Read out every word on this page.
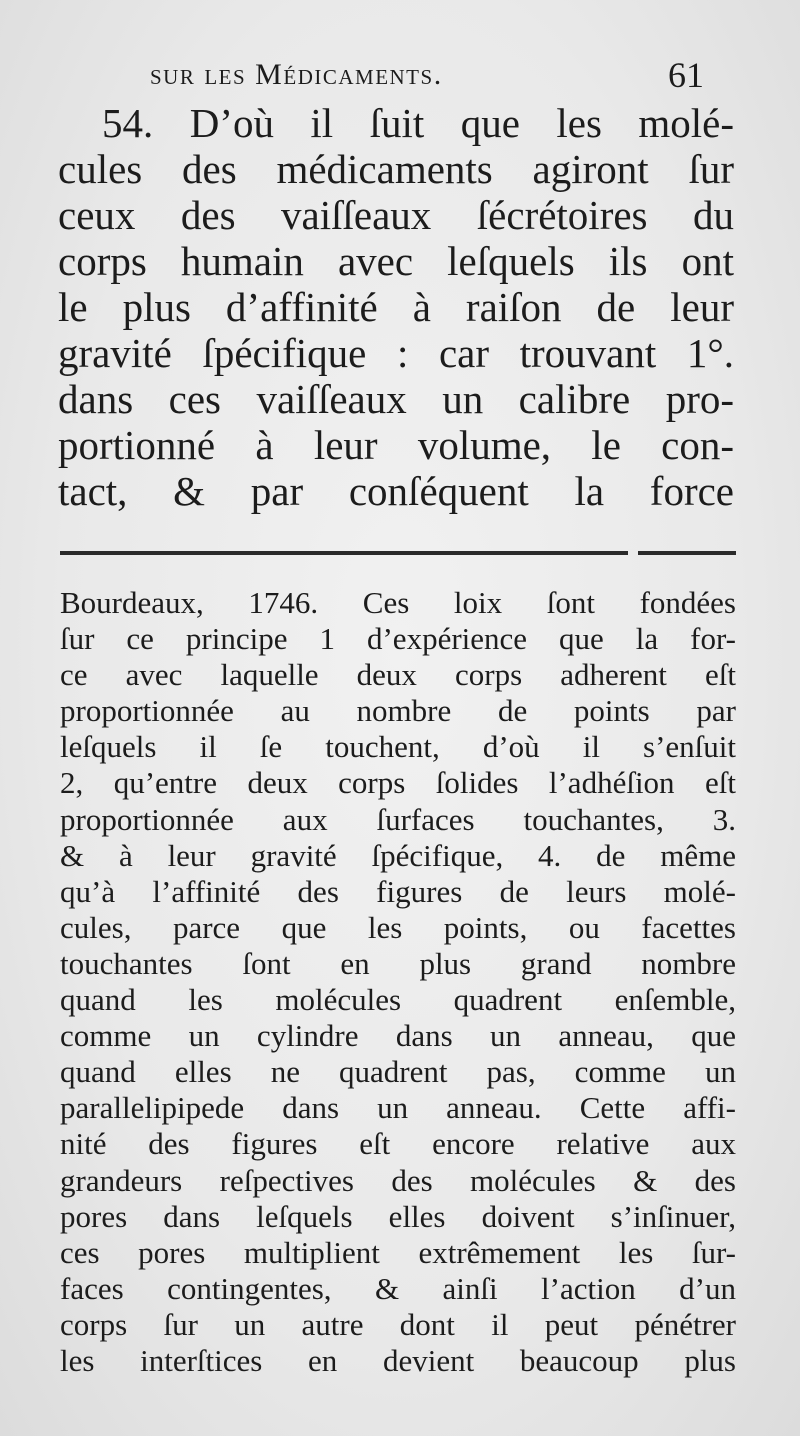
sur les Médicaments.	61
54. D’où il ſuit que les molé-
cules des médicaments agiront ſur
ceux des vaiſſeaux ſécrétoires du
corps humain avec leſquels ils ont
le plus d’affinité à raiſon de leur
gravité ſpécifique : car trouvant 1°.
dans ces vaiſſeaux un calibre pro-
portionné à leur volume, le con-
tact, & par conſéquent la force
Bourdeaux, 1746. Ces loix ſont fondées
ſur ce principe 1 d’expérience que la for-
ce avec laquelle deux corps adherent eſt
proportionnée au nombre de points par
leſquels il ſe touchent, d’où il s’enſuit
2, qu’entre deux corps ſolides l’adhéſion eſt
proportionnée aux ſurfaces touchantes, 3.
& à leur gravité ſpécifique, 4. de même
qu’à l’affinité des figures de leurs molé-
cules, parce que les points, ou facettes
touchantes ſont en plus grand nombre
quand les molécules quadrent enſemble,
comme un cylindre dans un anneau, que
quand elles ne quadrent pas, comme un
parallelipipede dans un anneau. Cette affi-
nité des figures eſt encore relative aux
grandeurs reſpectives des molécules & des
pores dans leſquels elles doivent s’inſinuer,
ces pores multiplient extrêmement les ſur-
faces contingentes, & ainſi l’action d’un
corps ſur un autre dont il peut pénétrer
les interſtices en devient beaucoup plus
